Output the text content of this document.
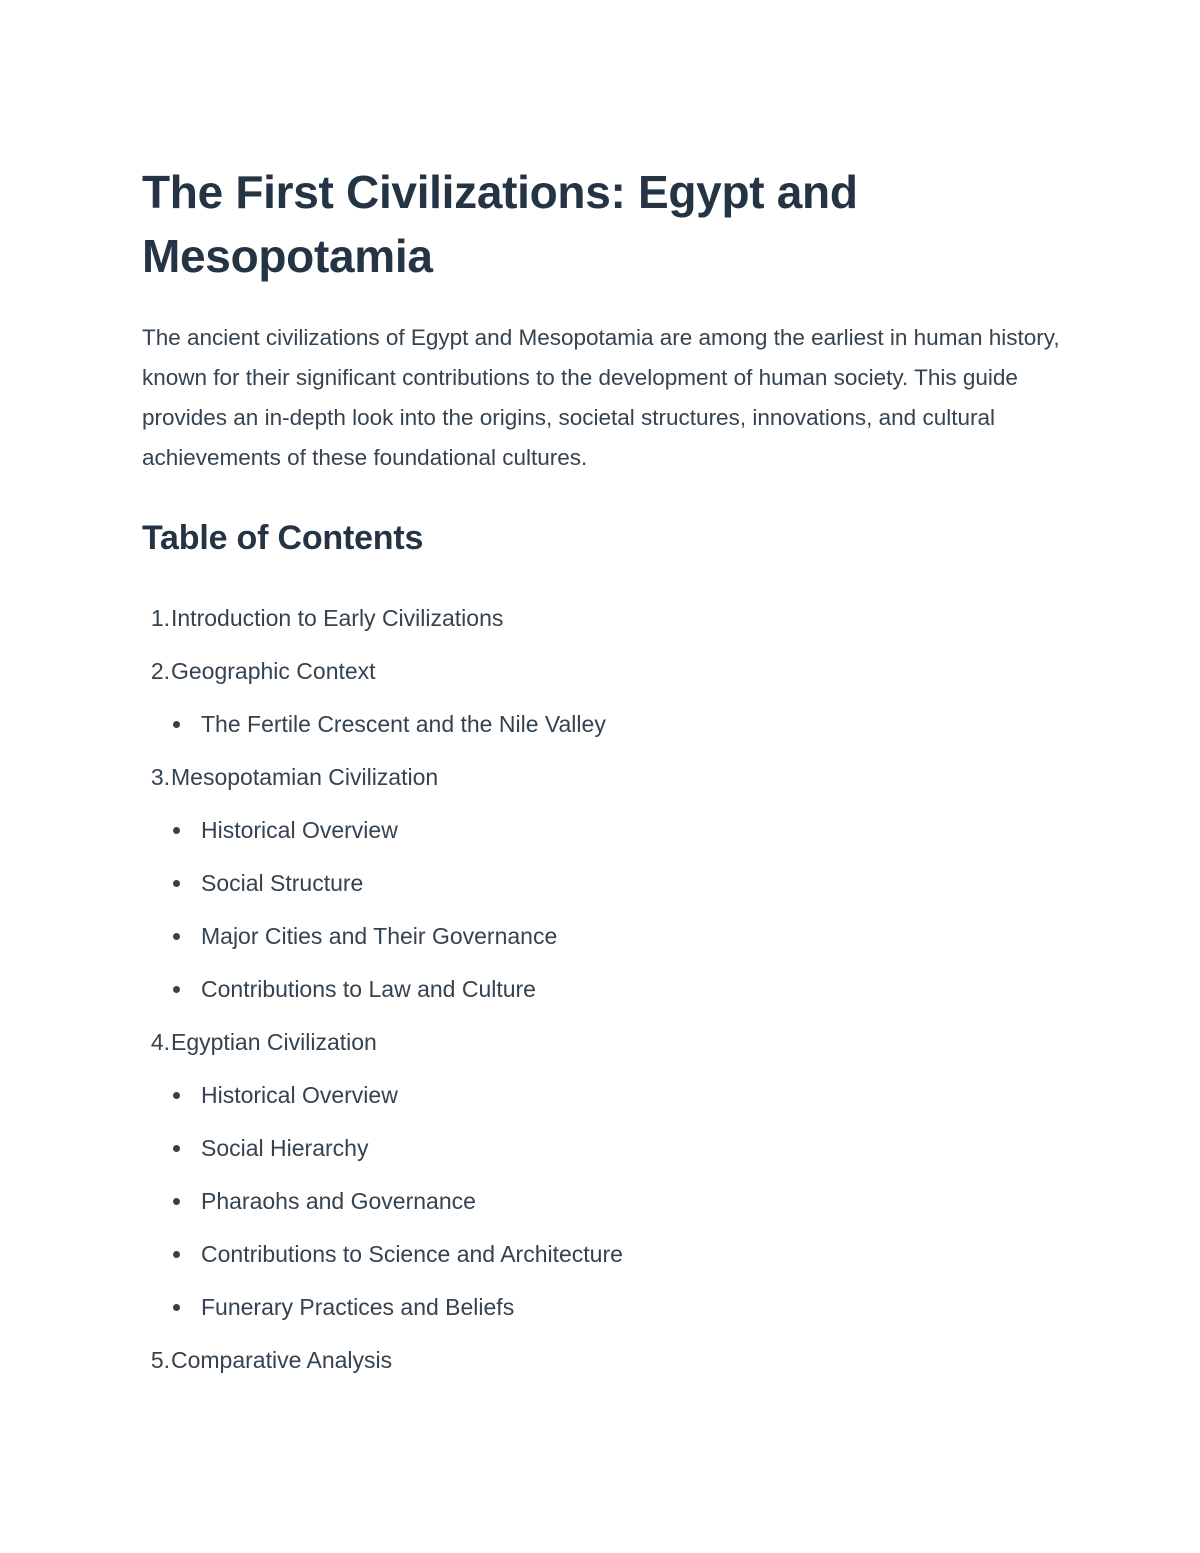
The First Civilizations: Egypt and Mesopotamia

The ancient civilizations of Egypt and Mesopotamia are among the earliest in human history, known for their significant contributions to the development of human society. This guide provides an in-depth look into the origins, societal structures, innovations, and cultural achievements of these foundational cultures.

Table of Contents
1. Introduction to Early Civilizations
2. Geographic Context
The Fertile Crescent and the Nile Valley
3. Mesopotamian Civilization
Historical Overview
Social Structure
Major Cities and Their Governance
Contributions to Law and Culture
4. Egyptian Civilization
Historical Overview
Social Hierarchy
Pharaohs and Governance
Contributions to Science and Architecture
Funerary Practices and Beliefs
5. Comparative Analysis
